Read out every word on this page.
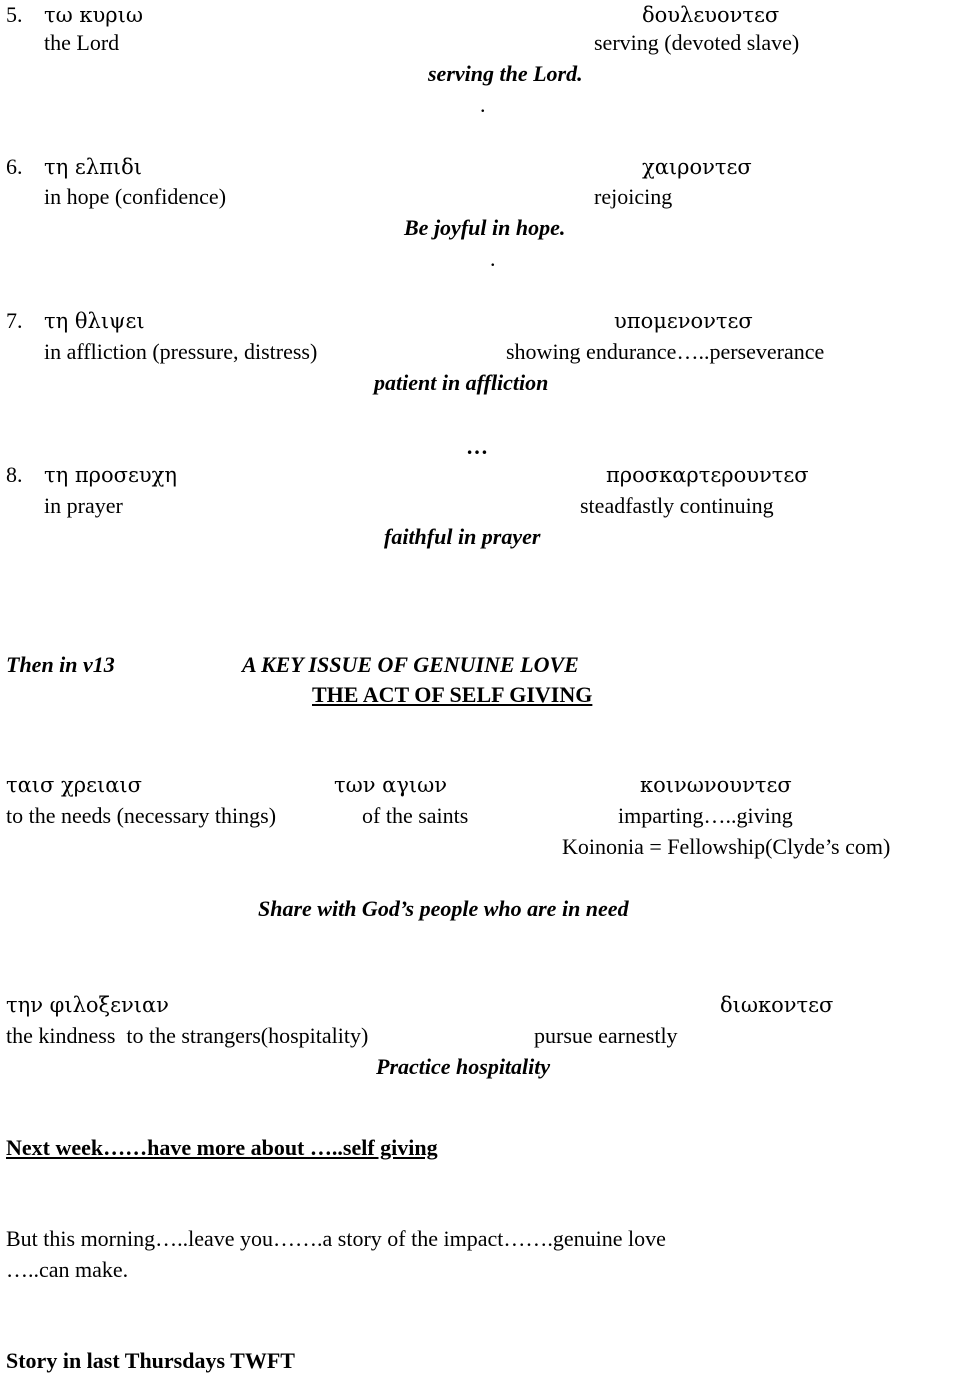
5. τω κυριω	δουλευοντεσ
the Lord	serving (devoted slave)
serving the Lord.
.
6. τη ελπιδι	χαιροντεσ
in hope (confidence)	rejoicing
Be joyful in hope.
.
7. τη θλιψει	υπομενοντεσ
in affliction (pressure, distress)	showing endurance…..perseverance
patient in affliction
…
8. τη προσευχη	προσκαρτερουντεσ
in prayer	steadfastly continuing
faithful in prayer
Then in v13	A KEY ISSUE OF GENUINE LOVE
THE ACT OF SELF GIVING
ταισ χρειαισ	των αγιων	κοινωνουντεσ
to the needs (necessary things)	of the saints	imparting…..giving
Koinonia = Fellowship(Clyde’s com)
Share with God’s people who are in need
την φιλοξενιαν	διωκοντεσ
the kindness  to the strangers(hospitality)	pursue earnestly
Practice hospitality
Next week……have more about …..self giving
But this morning…..leave you…….a story of the impact…….genuine love
…..can make.
Story in last Thursdays TWFT
